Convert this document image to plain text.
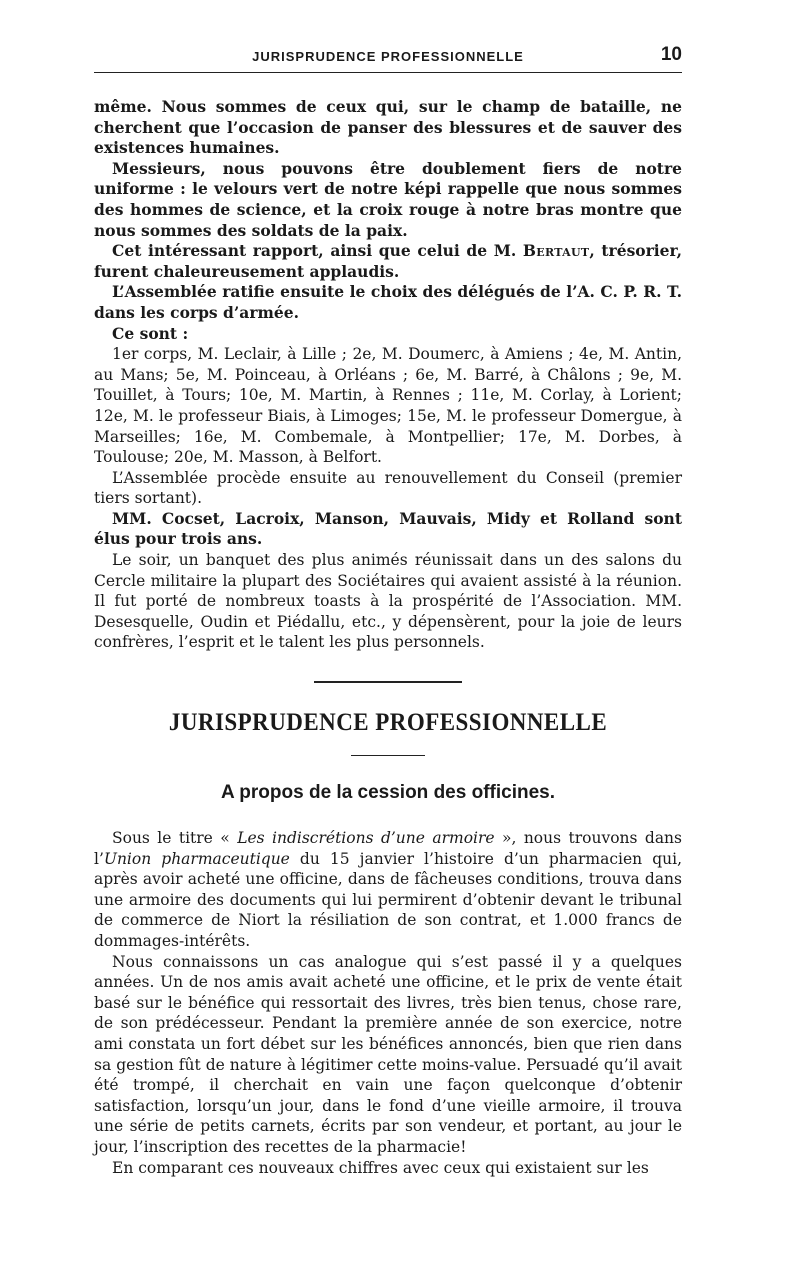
JURISPRUDENCE PROFESSIONNELLE	10

même. Nous sommes de ceux qui, sur le champ de bataille, ne cherchent que l’occasion de panser des blessures et de sauver des existences humaines.

Messieurs, nous pouvons être doublement fiers de notre uniforme : le velours vert de notre képi rappelle que nous sommes des hommes de science, et la croix rouge à notre bras montre que nous sommes des soldats de la paix.

Cet intéressant rapport, ainsi que celui de M. Bertaut, trésorier, furent chaleureusement applaudis.

L’Assemblée ratifie ensuite le choix des délégués de l’A. C. P. R. T. dans les corps d’armée.

Ce sont :

1er corps, M. Leclair, à Lille ; 2e, M. Doumerc, à Amiens ; 4e, M. Antin, au Mans; 5e, M. Poinceau, à Orléans ; 6e, M. Barré, à Châlons ; 9e, M. Touillet, à Tours; 10e, M. Martin, à Rennes ; 11e, M. Corlay, à Lorient; 12e, M. le professeur Biais, à Limoges; 15e, M. le professeur Domergue, à Marseilles; 16e, M. Combemale, à Montpellier; 17e, M. Dorbes, à Toulouse; 20e, M. Masson, à Belfort.

L’Assemblée procède ensuite au renouvellement du Conseil (premier tiers sortant).

MM. Cocset, Lacroix, Manson, Mauvais, Midy et Rolland sont élus pour trois ans.

Le soir, un banquet des plus animés réunissait dans un des salons du Cercle militaire la plupart des Sociétaires qui avaient assisté à la réunion. Il fut porté de nombreux toasts à la prospérité de l’Association. MM. Desesquelle, Oudin et Piédallu, etc., y dépensèrent, pour la joie de leurs confrères, l’esprit et le talent les plus personnels.

JURISPRUDENCE PROFESSIONNELLE
A propos de la cession des officines.

Sous le titre « Les indiscrétions d’une armoire », nous trouvons dans l’Union pharmaceutique du 15 janvier l’histoire d’un pharmacien qui, après avoir acheté une officine, dans de fâcheuses conditions, trouva dans une armoire des documents qui lui permirent d’obtenir devant le tribunal de commerce de Niort la résiliation de son contrat, et 1.000 francs de dommages-intérêts.

Nous connaissons un cas analogue qui s’est passé il y a quelques années. Un de nos amis avait acheté une officine, et le prix de vente était basé sur le bénéfice qui ressortait des livres, très bien tenus, chose rare, de son prédécesseur. Pendant la première année de son exercice, notre ami constata un fort débet sur les bénéfices annoncés, bien que rien dans sa gestion fût de nature à légitimer cette moins-value. Persuadé qu’il avait été trompé, il cherchait en vain une façon quelconque d’obtenir satisfaction, lorsqu’un jour, dans le fond d’une vieille armoire, il trouva une série de petits carnets, écrits par son vendeur, et portant, au jour le jour, l’inscription des recettes de la pharmacie!

En comparant ces nouveaux chiffres avec ceux qui existaient sur les
